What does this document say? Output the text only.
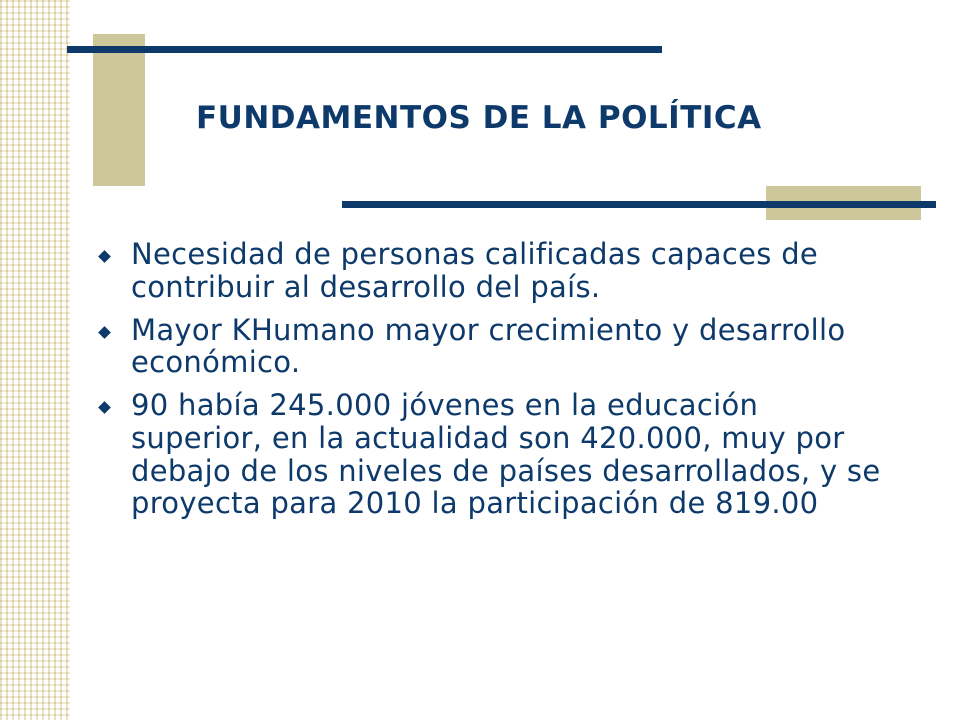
FUNDAMENTOS DE LA POLÍTICA
Necesidad de personas calificadas capaces de contribuir al desarrollo del país.
Mayor KHumano mayor crecimiento y desarrollo económico.
90 había 245.000 jóvenes en la educación superior, en la actualidad son 420.000, muy por debajo de los niveles de países desarrollados, y se proyecta para 2010 la participación de 819.00
